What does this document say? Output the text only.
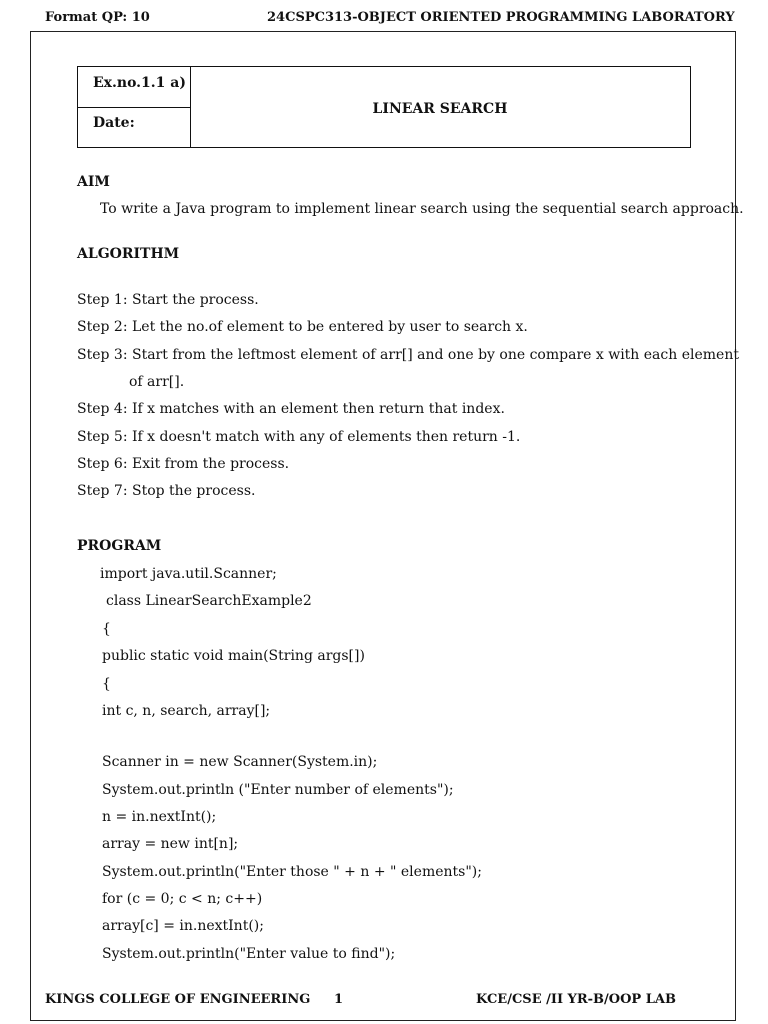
Format QP: 10	24CSPC313-OBJECT ORIENTED PROGRAMMING LABORATORY
Ex.no.1.1 a)
Date:
LINEAR SEARCH
AIM
To write a Java program to implement linear search using the sequential search approach.
ALGORITHM
Step 1: Start the process.
Step 2: Let the no.of element to be entered by user to search x.
Step 3: Start from the leftmost element of arr[] and one by one compare x with each element
of arr[].
Step 4: If x matches with an element then return that index.
Step 5: If x doesn't match with any of elements then return -1.
Step 6: Exit from the process.
Step 7: Stop the process.
PROGRAM
import java.util.Scanner;
class LinearSearchExample2
{
public static void main(String args[])
{
int c, n, search, array[];
Scanner in = new Scanner(System.in);
System.out.println ("Enter number of elements");
n = in.nextInt();
array = new int[n];
System.out.println("Enter those " + n + " elements");
for (c = 0; c < n; c++)
array[c] = in.nextInt();
System.out.println("Enter value to find");
KINGS COLLEGE OF ENGINEERING 1	KCE/CSE /II YR-B/OOP LAB
